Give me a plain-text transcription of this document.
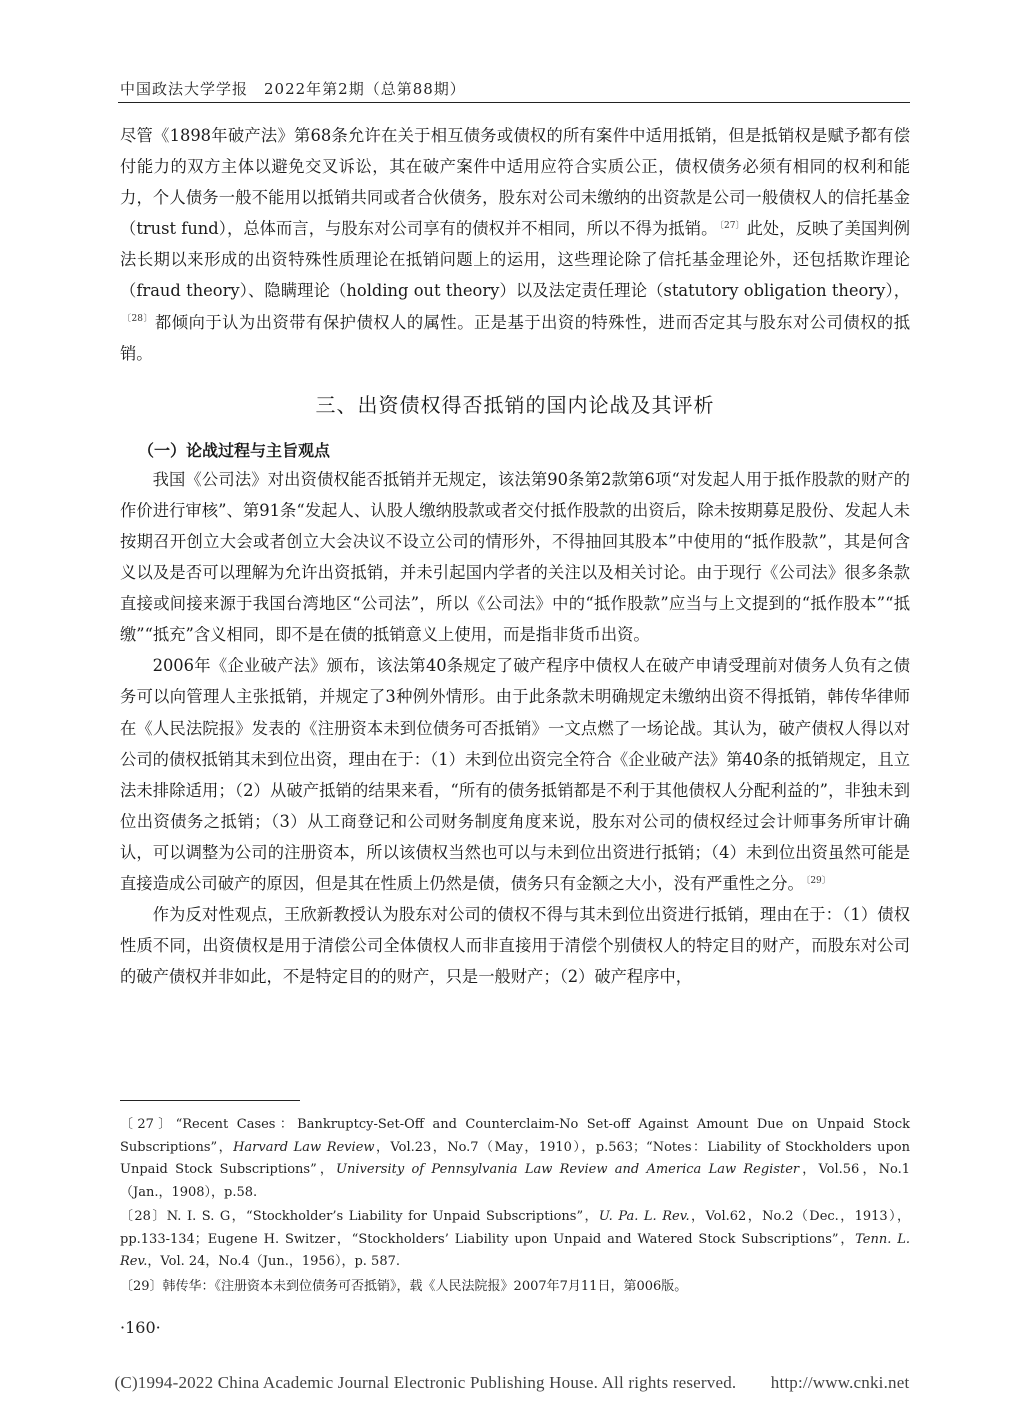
中国政法大学学报　2022年第2期（总第88期）

尽管《1898年破产法》第68条允许在关于相互债务或债权的所有案件中适用抵销，但是抵销权是赋予都有偿付能力的双方主体以避免交叉诉讼，其在破产案件中适用应符合实质公正，债权债务必须有相同的权利和能力，个人债务一般不能用以抵销共同或者合伙债务，股东对公司未缴纳的出资款是公司一般债权人的信托基金（trust fund），总体而言，与股东对公司享有的债权并不相同，所以不得为抵销。 $^{〔27〕}$ 此处，反映了美国判例法长期以来形成的出资特殊性质理论在抵销问题上的运用，这些理论除了信托基金理论外，还包括欺诈理论（fraud theory）、隐瞒理论（holding out theory）以及法定责任理论（statutory obligation theory），$^{〔28〕}$ 都倾向于认为出资带有保护债权人的属性。正是基于出资的特殊性，进而否定其与股东对公司债权的抵销。

三、出资债权得否抵销的国内论战及其评析
（一）论战过程与主旨观点

我国《公司法》对出资债权能否抵销并无规定，该法第90条第2款第6项“对发起人用于抵作股款的财产的作价进行审核”、第91条“发起人、认股人缴纳股款或者交付抵作股款的出资后，除未按期募足股份、发起人未按期召开创立大会或者创立大会决议不设立公司的情形外，不得抽回其股本”中使用的“抵作股款”，其是何含义以及是否可以理解为允许出资抵销，并未引起国内学者的关注以及相关讨论。由于现行《公司法》很多条款直接或间接来源于我国台湾地区“公司法”，所以《公司法》中的“抵作股款”应当与上文提到的“抵作股本”“抵缴”“抵充”含义相同，即不是在债的抵销意义上使用，而是指非货币出资。

2006年《企业破产法》颁布，该法第40条规定了破产程序中债权人在破产申请受理前对债务人负有之债务可以向管理人主张抵销，并规定了3种例外情形。由于此条款未明确规定未缴纳出资不得抵销，韩传华律师在《人民法院报》发表的《注册资本未到位债务可否抵销》一文点燃了一场论战。其认为，破产债权人得以对公司的债权抵销其未到位出资，理由在于：（1）未到位出资完全符合《企业破产法》第40条的抵销规定，且立法未排除适用；（2）从破产抵销的结果来看，“所有的债务抵销都是不利于其他债权人分配利益的”，非独未到位出资债务之抵销；（3）从工商登记和公司财务制度角度来说，股东对公司的债权经过会计师事务所审计确认，可以调整为公司的注册资本，所以该债权当然也可以与未到位出资进行抵销；（4）未到位出资虽然可能是直接造成公司破产的原因，但是其在性质上仍然是债，债务只有金额之大小，没有严重性之分。 $^{〔29〕}$

作为反对性观点，王欣新教授认为股东对公司的债权不得与其未到位出资进行抵销，理由在于：（1）债权性质不同，出资债权是用于清偿公司全体债权人而非直接用于清偿个别债权人的特定目的财产，而股东对公司的破产债权并非如此，不是特定目的的财产，只是一般财产；（2）破产程序中，

〔27〕“Recent Cases：Bankruptcy-Set-Off and Counterclaim-No Set-off Against Amount Due on Unpaid Stock Subscriptions”，Harvard Law Review，Vol.23，No.7（May，1910），p.563；“Notes：Liability of Stockholders upon Unpaid Stock Subscriptions”，University of Pennsylvania Law Review and America Law Register，Vol.56，No.1（Jan.，1908），p.58.

〔28〕N. I. S. G，“Stockholder’s Liability for Unpaid Subscriptions”，U. Pa. L. Rev.，Vol.62，No.2（Dec.，1913），pp.133-134；Eugene H. Switzer，“Stockholders’ Liability upon Unpaid and Watered Stock Subscriptions”，Tenn. L. Rev.，Vol. 24，No.4（Jun.，1956），p. 587.

〔29〕韩传华：《注册资本未到位债务可否抵销》，载《人民法院报》2007年7月11日，第006版。

·160·
(C)1994-2022 China Academic Journal Electronic Publishing House. All rights reserved.　　http://www.cnki.net
